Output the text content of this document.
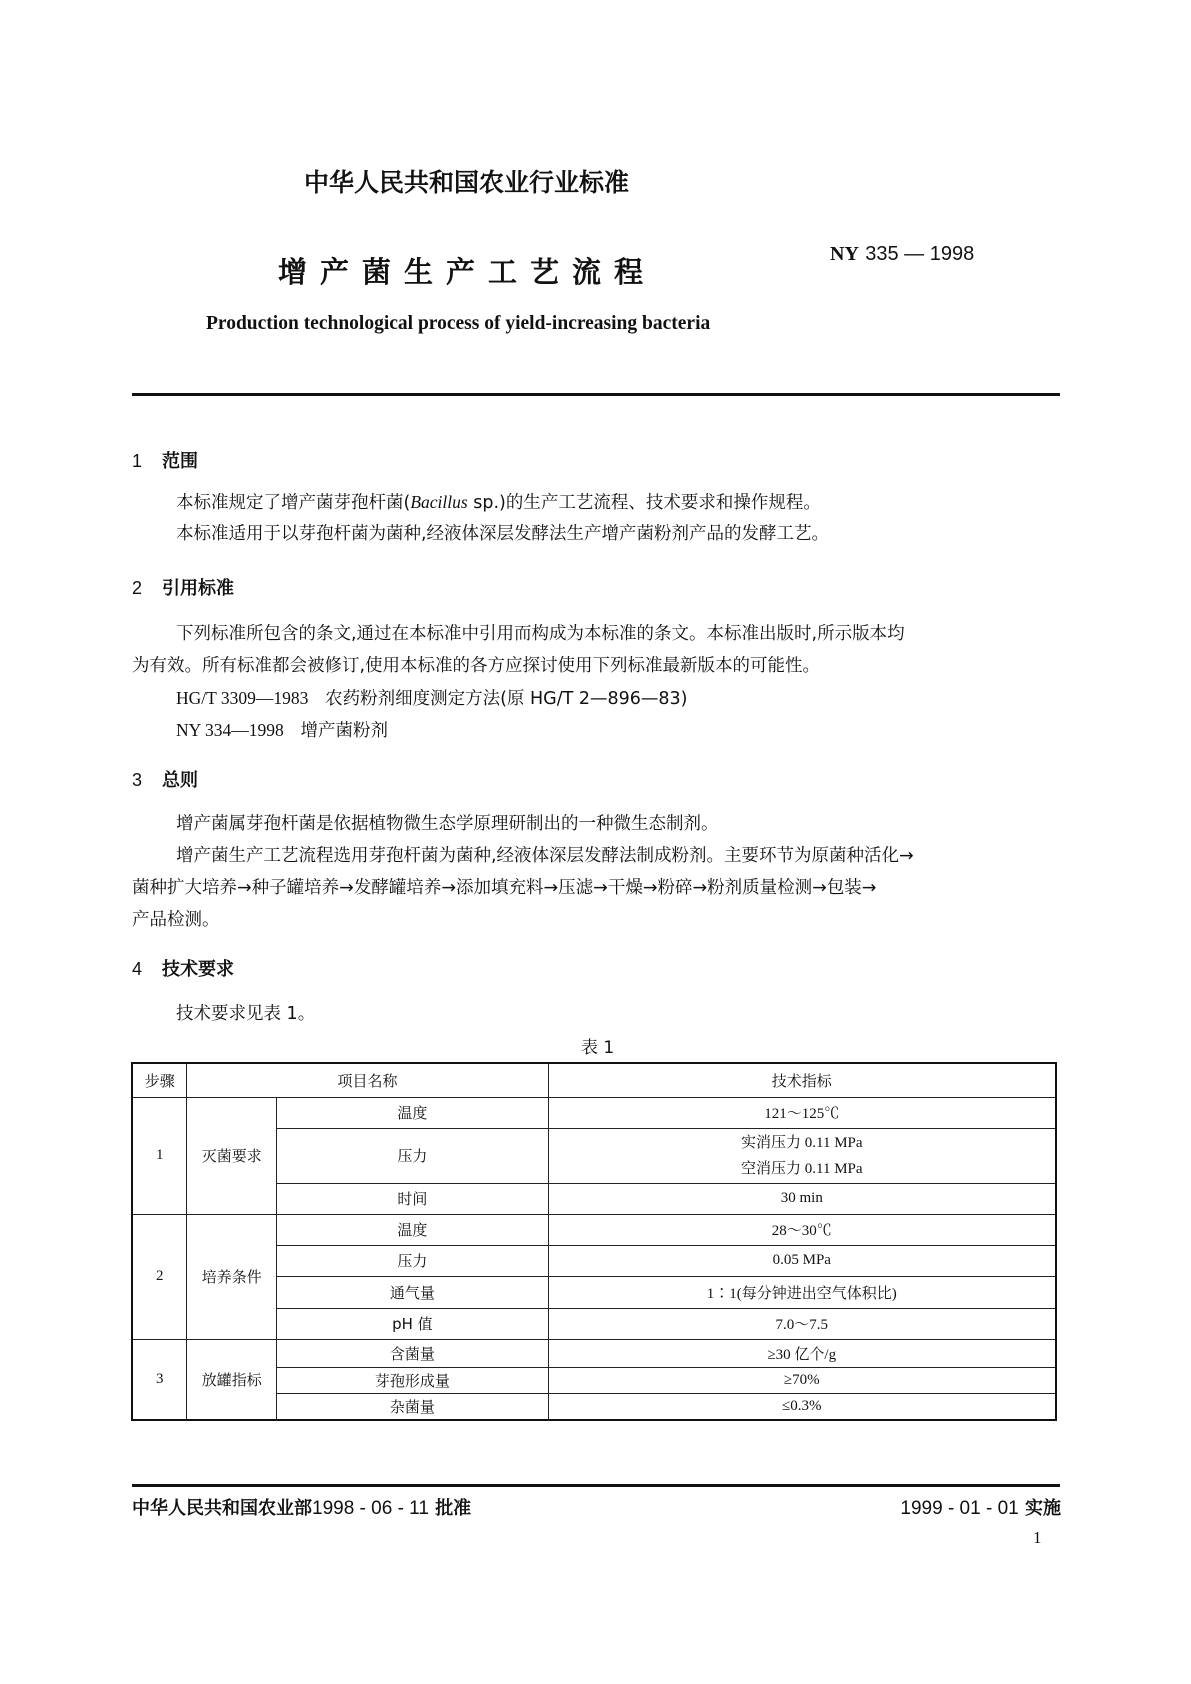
中华人民共和国农业行业标准
增产菌生产工艺流程
NY 335 — 1998
Production technological process of yield-increasing bacteria
1 范围
本标准规定了增产菌芽孢杆菌(Bacillus sp.)的生产工艺流程、技术要求和操作规程。
本标准适用于以芽孢杆菌为菌种,经液体深层发酵法生产增产菌粉剂产品的发酵工艺。
2 引用标准
下列标准所包含的条文,通过在本标准中引用而构成为本标准的条文。本标准出版时,所示版本均
为有效。所有标准都会被修订,使用本标准的各方应探讨使用下列标准最新版本的可能性。
HG/T 3309—1983 农药粉剂细度测定方法(原 HG/T 2—896—83)
NY 334—1998 增产菌粉剂
3 总则
增产菌属芽孢杆菌是依据植物微生态学原理研制出的一种微生态制剂。
增产菌生产工艺流程选用芽孢杆菌为菌种,经液体深层发酵法制成粉剂。主要环节为原菌种活化→
菌种扩大培养→种子罐培养→发酵罐培养→添加填充料→压滤→干燥→粉碎→粉剂质量检测→包装→
产品检测。
4 技术要求
技术要求见表 1。
表 1
步骤	项目名称		技术指标
1	灭菌要求	温度	121～125℃
		压力	实消压力 0.11 MPa
空消压力 0.11 MPa

		时间	30 min
2	培养条件	温度	28～30℃
		压力	0.05 MPa
		通气量	1∶1(每分钟进出空气体积比)
		pH 值	7.0～7.5
3	放罐指标	含菌量	≥30 亿个/g
		芽孢形成量	≥70%
		杂菌量	≤0.3%
中华人民共和国农业部1998 - 06 - 11 批准	1999 - 01 - 01 实施
1
